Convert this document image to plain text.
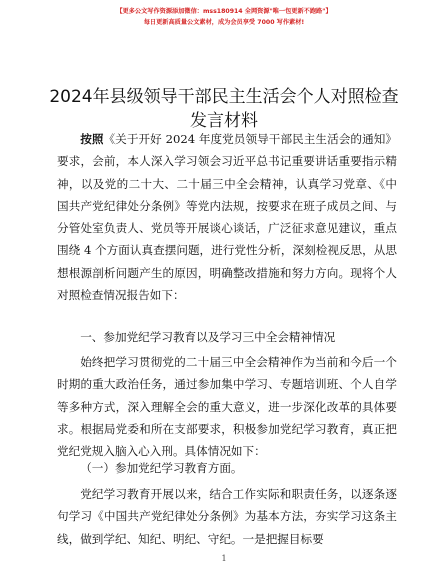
【更多公文写作资源添加微信：mss180914 全网资源"唯一包更新不跑路"】
每日更新高质量公文素材，成为会员享受 7000 写作素材!
2024年县级领导干部民主生活会个人对照检查
发言材料
按照《关于开好 2024 年度党员领导干部民主生活会的通知》要求，会前，本人深入学习领会习近平总书记重要讲话重要指示精神，以及党的二十大、二十届三中全会精神，认真学习党章、《中国共产党纪律处分条例》等党内法规，按要求在班子成员之间、与分管处室负责人、党员等开展谈心谈话，广泛征求意见建议，重点围绕 4 个方面认真查摆问题，进行党性分析，深刻检视反思，从思想根源剖析问题产生的原因，明确整改措施和努力方向。现将个人对照检查情况报告如下：
一、参加党纪学习教育以及学习三中全会精神情况
始终把学习贯彻党的二十届三中全会精神作为当前和今后一个时期的重大政治任务，通过参加集中学习、专题培训班、个人自学等多种方式，深入理解全会的重大意义，进一步深化改革的具体要求。根据局党委和所在支部要求，积极参加党纪学习教育，真正把党纪党规入脑入心入刑。具体情况如下：
（一）参加党纪学习教育方面。
党纪学习教育开展以来，结合工作实际和职责任务，以逐条逐句学习《中国共产党纪律处分条例》为基本方法，夯实学习这条主线，做到学纪、知纪、明纪、守纪。一是把握目标要
1
